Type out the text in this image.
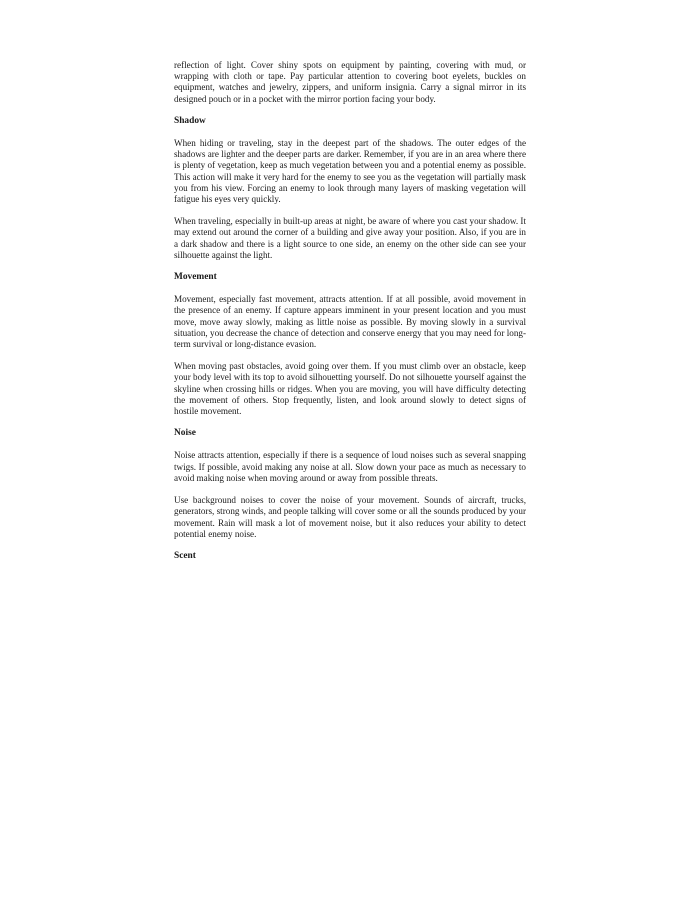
reflection of light. Cover shiny spots on equipment by painting, covering with mud, or wrapping with cloth or tape. Pay particular attention to covering boot eyelets, buckles on equipment, watches and jewelry, zippers, and uniform insignia. Carry a signal mirror in its designed pouch or in a pocket with the mirror portion facing your body.

Shadow

When hiding or traveling, stay in the deepest part of the shadows. The outer edges of the shadows are lighter and the deeper parts are darker. Remember, if you are in an area where there is plenty of vegetation, keep as much vegetation between you and a potential enemy as possible. This action will make it very hard for the enemy to see you as the vegetation will partially mask you from his view. Forcing an enemy to look through many layers of masking vegetation will fatigue his eyes very quickly.

When traveling, especially in built-up areas at night, be aware of where you cast your shadow. It may extend out around the corner of a building and give away your position. Also, if you are in a dark shadow and there is a light source to one side, an enemy on the other side can see your silhouette against the light.

Movement

Movement, especially fast movement, attracts attention. If at all possible, avoid movement in the presence of an enemy. If capture appears imminent in your present location and you must move, move away slowly, making as little noise as possible. By moving slowly in a survival situation, you decrease the chance of detection and conserve energy that you may need for long-term survival or long-distance evasion.

When moving past obstacles, avoid going over them. If you must climb over an obstacle, keep your body level with its top to avoid silhouetting yourself. Do not silhouette yourself against the skyline when crossing hills or ridges. When you are moving, you will have difficulty detecting the movement of others. Stop frequently, listen, and look around slowly to detect signs of hostile movement.

Noise

Noise attracts attention, especially if there is a sequence of loud noises such as several snapping twigs. If possible, avoid making any noise at all. Slow down your pace as much as necessary to avoid making noise when moving around or away from possible threats.

Use background noises to cover the noise of your movement. Sounds of aircraft, trucks, generators, strong winds, and people talking will cover some or all the sounds produced by your movement. Rain will mask a lot of movement noise, but it also reduces your ability to detect potential enemy noise.

Scent
